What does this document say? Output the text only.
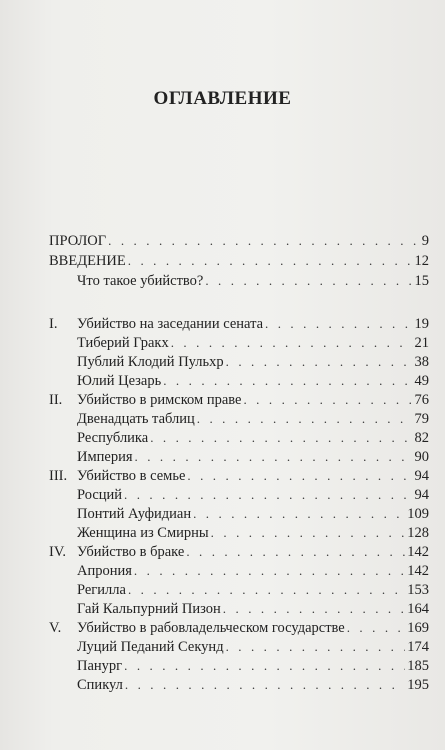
ОГЛАВЛЕНИЕ
ПРОЛОГ . . .	9
ВВЕДЕНИЕ . . .	12
Что такое убийство? . . .	15
I. Убийство на заседании сената . . .	19
Тиберий Гракх . . .	21
Публий Клодий Пульхр . . .	38
Юлий Цезарь . . .	49
II. Убийство в римском праве . . .	76
Двенадцать таблиц . . .	79
Республика . . .	82
Империя . . .	90
III. Убийство в семье . . .	94
Росций . . .	94
Понтий Ауфидиан . . .	109
Женщина из Смирны . . .	128
IV. Убийство в браке . . .	142
Апрония . . .	142
Регилла . . .	153
Гай Кальпурний Пизон . . .	164
V. Убийство в рабовладельческом государстве . . .	169
Луций Педаний Секунд . . .	174
Панург . . .	185
Спикул . . .	195
